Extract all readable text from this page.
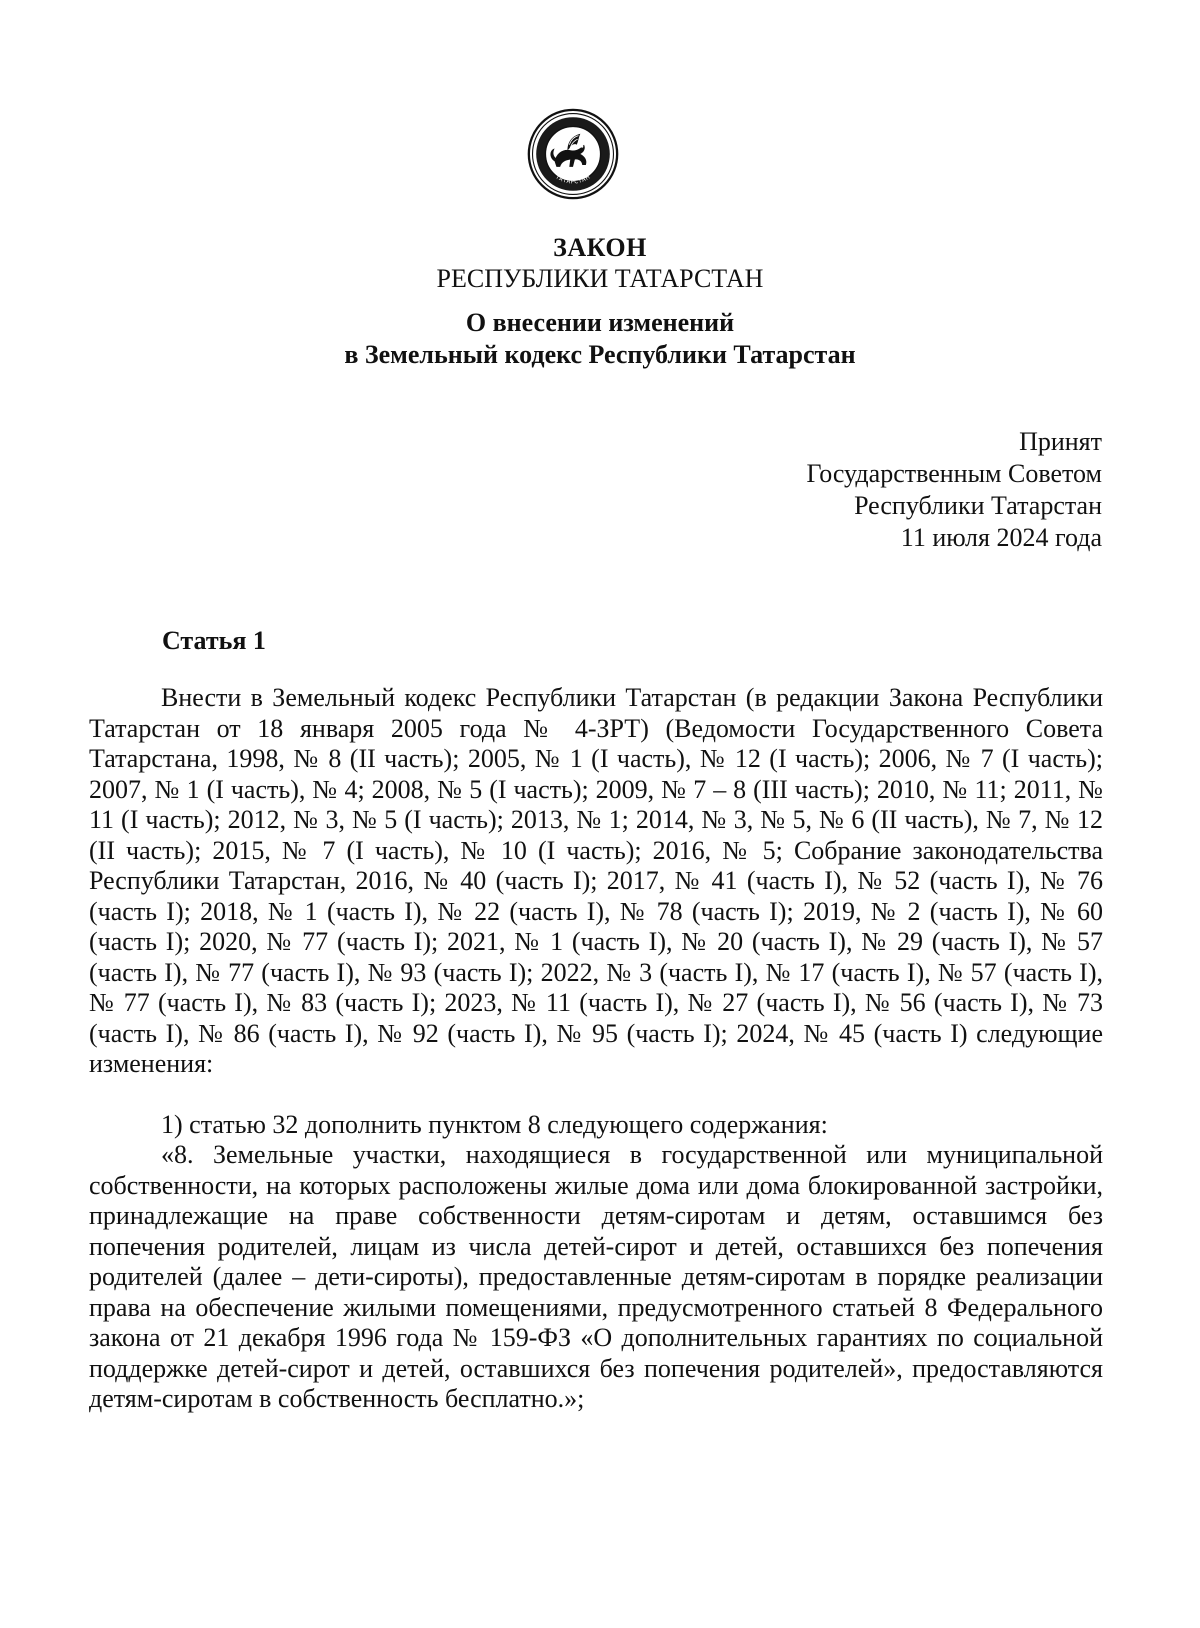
ТАТАРСТАН
ЗАКОН
РЕСПУБЛИКИ ТАТАРСТАН
О внесении изменений
в Земельный кодекс Республики Татарстан
Принят
Государственным Советом
Республики Татарстан
11 июля 2024 года
Статья 1

Внести в Земельный кодекс Республики Татарстан (в редакции Закона Республики Татарстан от 18 января 2005 года № 4-ЗРТ) (Ведомости Государственного Совета Татарстана, 1998, № 8 (II часть); 2005, № 1 (I часть), № 12 (I часть); 2006, № 7 (I часть); 2007, № 1 (I часть), № 4; 2008, № 5 (I часть); 2009, № 7 – 8 (III часть); 2010, № 11; 2011, № 11 (I часть); 2012, № 3, № 5 (I часть); 2013, № 1; 2014, № 3, № 5, № 6 (II часть), № 7, № 12 (II часть); 2015, № 7 (I часть), № 10 (I часть); 2016, № 5; Собрание законодательства Республики Татарстан, 2016, № 40 (часть I); 2017, № 41 (часть I), № 52 (часть I), № 76 (часть I); 2018, № 1 (часть I), № 22 (часть I), № 78 (часть I); 2019, № 2 (часть I), № 60 (часть I); 2020, № 77 (часть I); 2021, № 1 (часть I), № 20 (часть I), № 29 (часть I), № 57 (часть I), № 77 (часть I), № 93 (часть I); 2022, № 3 (часть I), № 17 (часть I), № 57 (часть I), № 77 (часть I), № 83 (часть I); 2023, № 11 (часть I), № 27 (часть I), № 56 (часть I), № 73 (часть I), № 86 (часть I), № 92 (часть I), № 95 (часть I); 2024, № 45 (часть I) следующие изменения:

1) статью 32 дополнить пунктом 8 следующего содержания:

«8. Земельные участки, находящиеся в государственной или муниципальной собственности, на которых расположены жилые дома или дома блокированной застройки, принадлежащие на праве собственности детям-сиротам и детям, оставшимся без попечения родителей, лицам из числа детей-сирот и детей, оставшихся без попечения родителей (далее – дети-сироты), предоставленные детям-сиротам в порядке реализации права на обеспечение жилыми помещениями, предусмотренного статьей 8 Федерального закона от 21 декабря 1996 года № 159-ФЗ «О дополнительных гарантиях по социальной поддержке детей-сирот и детей, оставшихся без попечения родителей», предоставляются детям-сиротам в собственность бесплатно.»;
